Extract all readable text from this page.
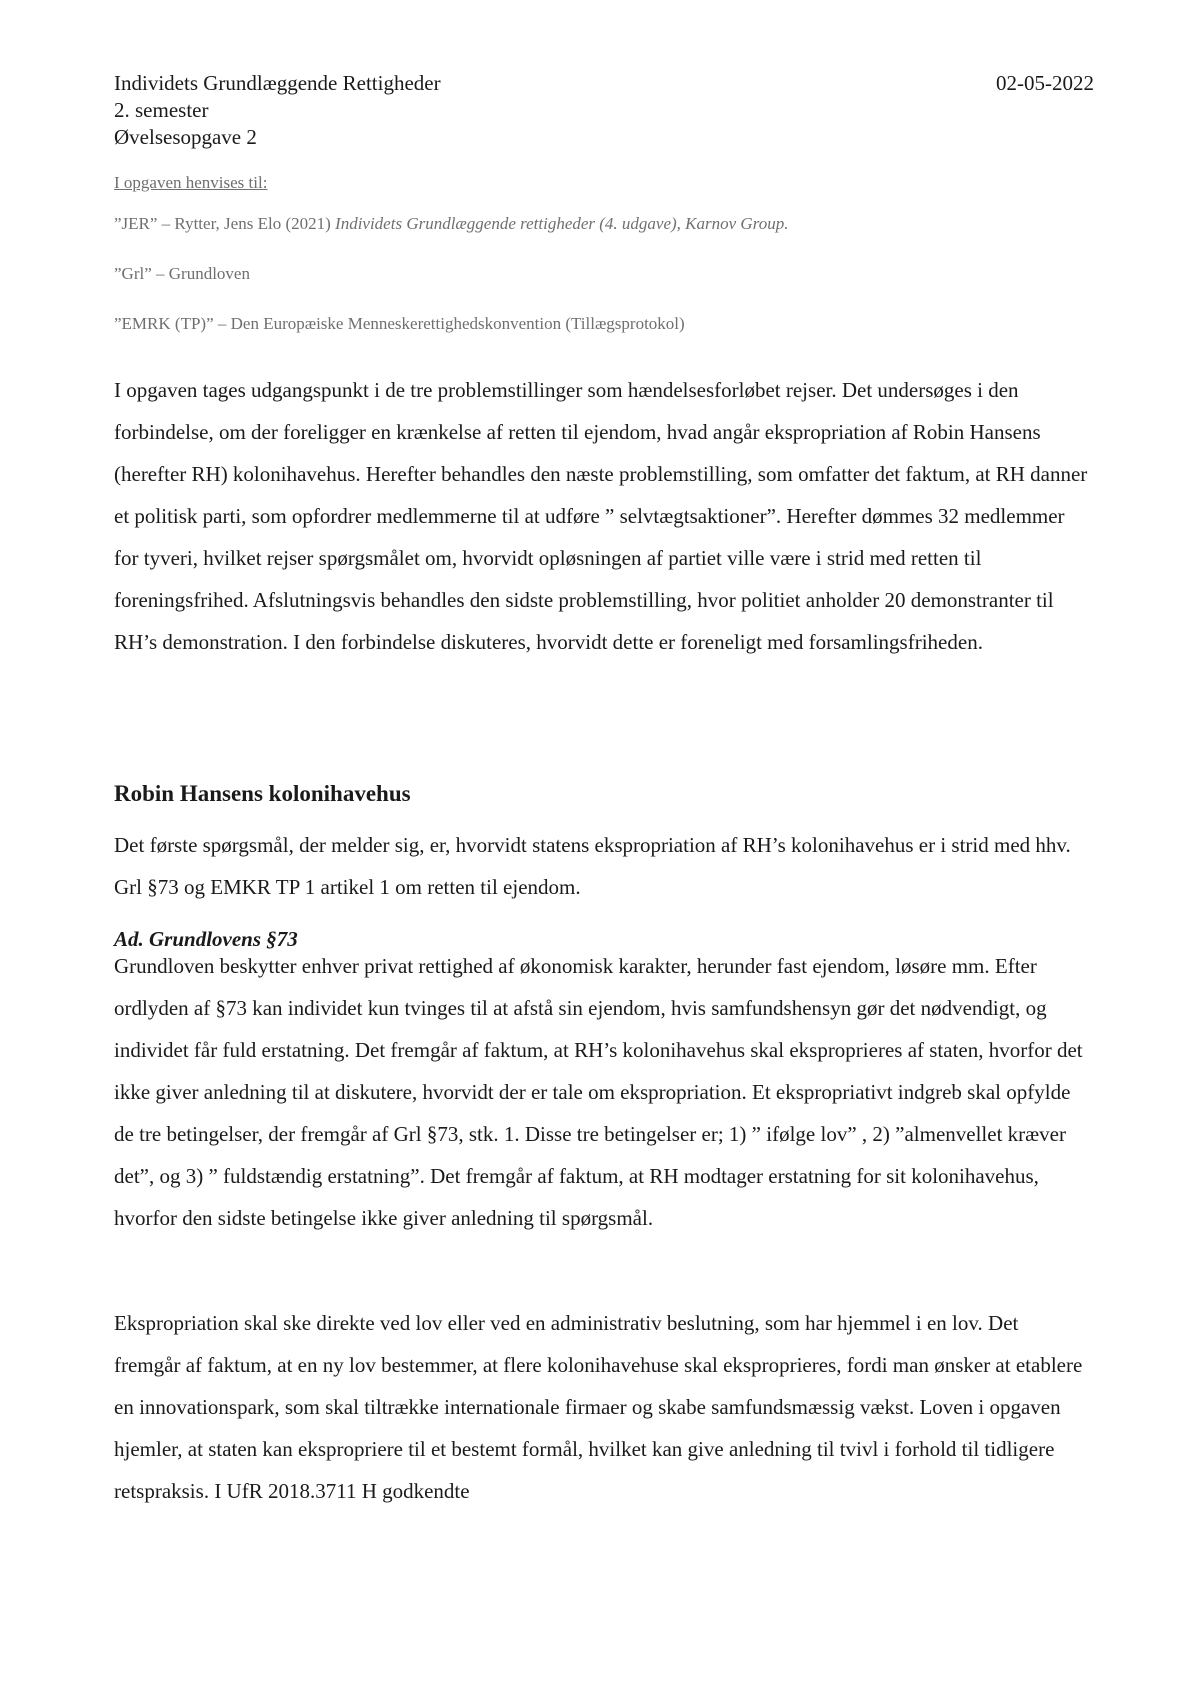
Individets Grundlæggende Rettigheder	02-05-2022
2. semester
Øvelsesopgave 2
I opgaven henvises til:
”JER” – Rytter, Jens Elo (2021) Individets Grundlæggende rettigheder (4. udgave), Karnov Group.
”Grl” – Grundloven
”EMRK (TP)” – Den Europæiske Menneskerettighedskonvention (Tillægsprotokol)

I opgaven tages udgangspunkt i de tre problemstillinger som hændelsesforløbet rejser. Det undersøges i den forbindelse, om der foreligger en krænkelse af retten til ejendom, hvad angår ekspropriation af Robin Hansens (herefter RH) kolonihavehus. Herefter behandles den næste problemstilling, som omfatter det faktum, at RH danner et politisk parti, som opfordrer medlemmerne til at udføre ” selvtægtsaktioner”. Herefter dømmes 32 medlemmer for tyveri, hvilket rejser spørgsmålet om, hvorvidt opløsningen af partiet ville være i strid med retten til foreningsfrihed. Afslutningsvis behandles den sidste problemstilling, hvor politiet anholder 20 demonstranter til RH’s demonstration. I den forbindelse diskuteres, hvorvidt dette er foreneligt med forsamlingsfriheden.

Robin Hansens kolonihavehus

Det første spørgsmål, der melder sig, er, hvorvidt statens ekspropriation af RH’s kolonihavehus er i strid med hhv. Grl §73 og EMKR TP 1 artikel 1 om retten til ejendom.

Ad. Grundlovens §73

Grundloven beskytter enhver privat rettighed af økonomisk karakter, herunder fast ejendom, løsøre mm. Efter ordlyden af §73 kan individet kun tvinges til at afstå sin ejendom, hvis samfundshensyn gør det nødvendigt, og individet får fuld erstatning. Det fremgår af faktum, at RH’s kolonihavehus skal eksproprieres af staten, hvorfor det ikke giver anledning til at diskutere, hvorvidt der er tale om ekspropriation. Et ekspropriativt indgreb skal opfylde de tre betingelser, der fremgår af Grl §73, stk. 1. Disse tre betingelser er; 1) ” ifølge lov” , 2) ”almenvellet kræver det”, og 3) ” fuldstændig erstatning”. Det fremgår af faktum, at RH modtager erstatning for sit kolonihavehus, hvorfor den sidste betingelse ikke giver anledning til spørgsmål.

Ekspropriation skal ske direkte ved lov eller ved en administrativ beslutning, som har hjemmel i en lov. Det fremgår af faktum, at en ny lov bestemmer, at flere kolonihavehuse skal eksproprieres, fordi man ønsker at etablere en innovationspark, som skal tiltrække internationale firmaer og skabe samfundsmæssig vækst. Loven i opgaven hjemler, at staten kan ekspropriere til et bestemt formål, hvilket kan give anledning til tvivl i forhold til tidligere retspraksis. I UfR 2018.3711 H godkendte
